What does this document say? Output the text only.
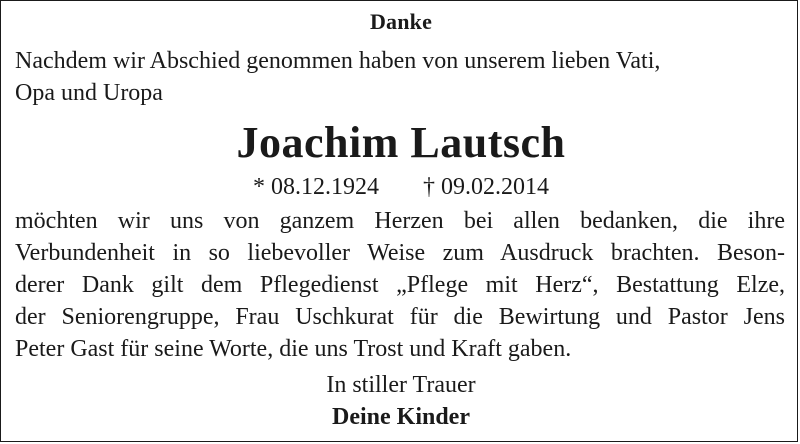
Danke
Nachdem wir Abschied genommen haben von unserem lieben Vati,
Opa und Uropa
Joachim Lautsch
* 08.12.1924 † 09.02.2014
möchten wir uns von ganzem Herzen bei allen bedanken, die ihre
Verbundenheit in so liebevoller Weise zum Ausdruck brachten. Beson-
derer Dank gilt dem Pflegedienst „Pflege mit Herz“, Bestattung Elze,
der Seniorengruppe, Frau Uschkurat für die Bewirtung und Pastor Jens
Peter Gast für seine Worte, die uns Trost und Kraft gaben.
In stiller Trauer
Deine Kinder
